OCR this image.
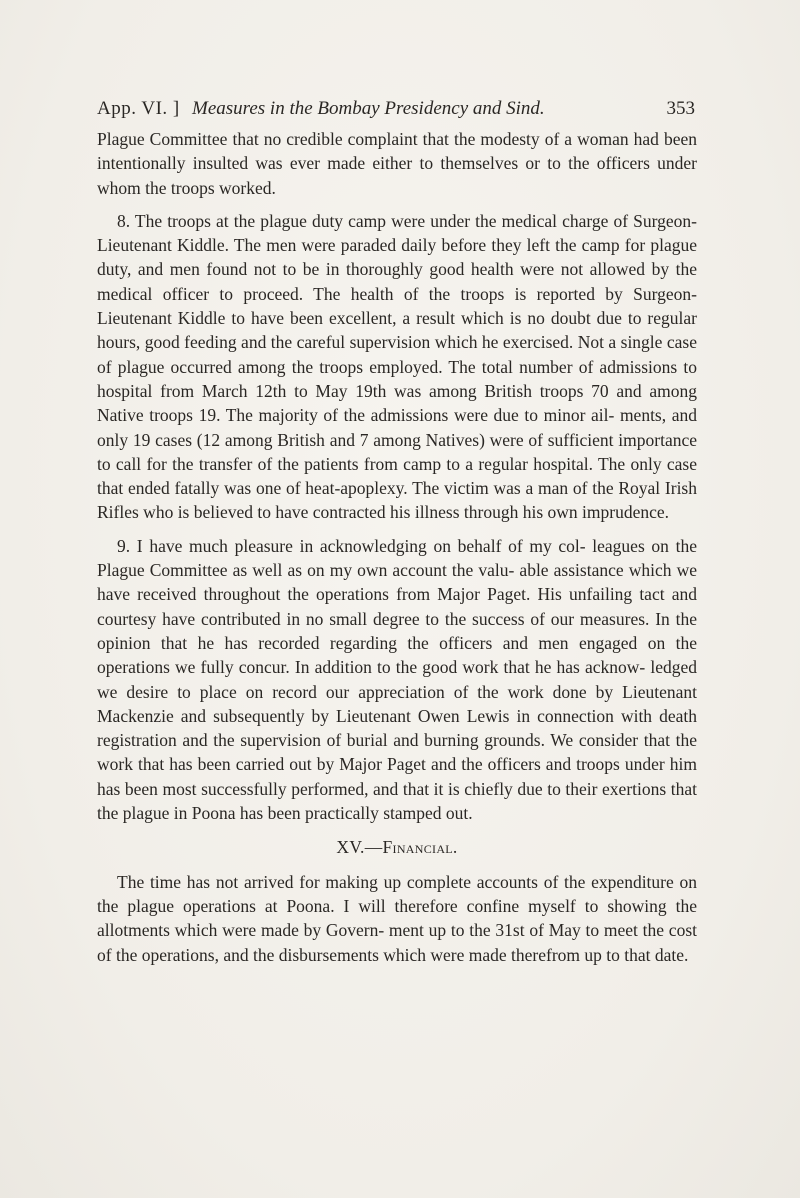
App. VI. ] Measures in the Bombay Presidency and Sind.	353

Plague Committee that no credible complaint that the modesty of a woman had been intentionally insulted was ever made either to themselves or to the officers under whom the troops worked.

8. The troops at the plague duty camp were under the medical charge of Surgeon-Lieutenant Kiddle. The men were paraded daily before they left the camp for plague duty, and men found not to be in thoroughly good health were not allowed by the medical officer to proceed. The health of the troops is reported by Surgeon-Lieutenant Kiddle to have been excellent, a result which is no doubt due to regular hours, good feeding and the careful supervision which he exercised. Not a single case of plague occurred among the troops employed. The total number of admissions to hospital from March 12th to May 19th was among British troops 70 and among Native troops 19. The majority of the admissions were due to minor ail- ments, and only 19 cases (12 among British and 7 among Natives) were of sufficient importance to call for the transfer of the patients from camp to a regular hospital. The only case that ended fatally was one of heat-apoplexy. The victim was a man of the Royal Irish Rifles who is believed to have contracted his illness through his own imprudence.

9. I have much pleasure in acknowledging on behalf of my col- leagues on the Plague Committee as well as on my own account the valu- able assistance which we have received throughout the operations from Major Paget. His unfailing tact and courtesy have contributed in no small degree to the success of our measures. In the opinion that he has recorded regarding the officers and men engaged on the operations we fully concur. In addition to the good work that he has acknow- ledged we desire to place on record our appreciation of the work done by Lieutenant Mackenzie and subsequently by Lieutenant Owen Lewis in connection with death registration and the supervision of burial and burning grounds. We consider that the work that has been carried out by Major Paget and the officers and troops under him has been most successfully performed, and that it is chiefly due to their exertions that the plague in Poona has been practically stamped out.

XV.—Financial.

The time has not arrived for making up complete accounts of the expenditure on the plague operations at Poona. I will therefore confine myself to showing the allotments which were made by Govern- ment up to the 31st of May to meet the cost of the operations, and the disbursements which were made therefrom up to that date.
